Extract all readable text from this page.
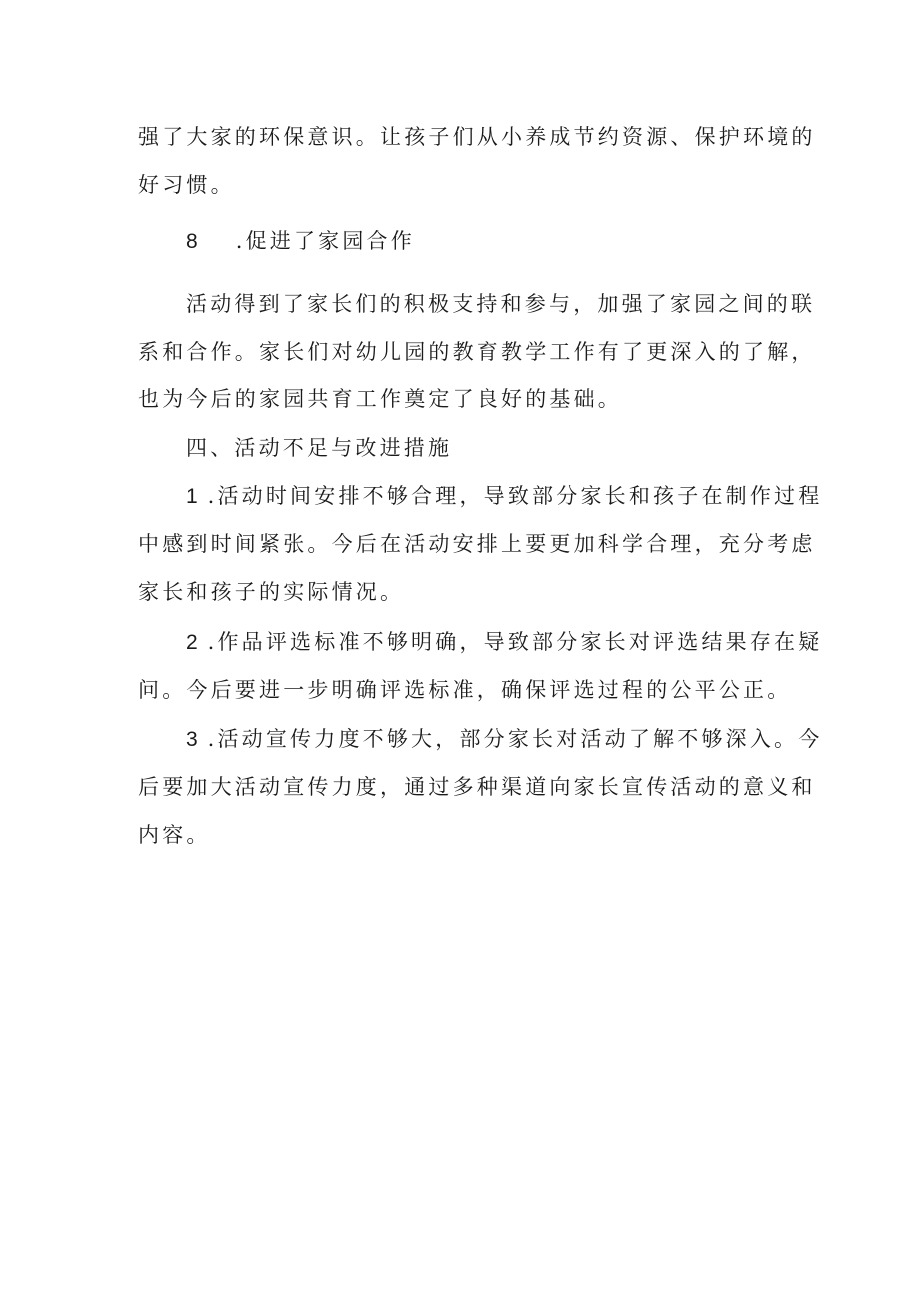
强了大家的环保意识。让孩子们从小养成节约资源、保护环境的
好习惯。
8 .促进了家园合作
活动得到了家长们的积极支持和参与，加强了家园之间的联
系和合作。家长们对幼儿园的教育教学工作有了更深入的了解，
也为今后的家园共育工作奠定了良好的基础。
四、活动不足与改进措施
1 .活动时间安排不够合理，导致部分家长和孩子在制作过程
中感到时间紧张。今后在活动安排上要更加科学合理，充分考虑
家长和孩子的实际情况。
2 .作品评选标准不够明确，导致部分家长对评选结果存在疑
问。今后要进一步明确评选标准，确保评选过程的公平公正。
3 .活动宣传力度不够大，部分家长对活动了解不够深入。今
后要加大活动宣传力度，通过多种渠道向家长宣传活动的意义和
内容。
